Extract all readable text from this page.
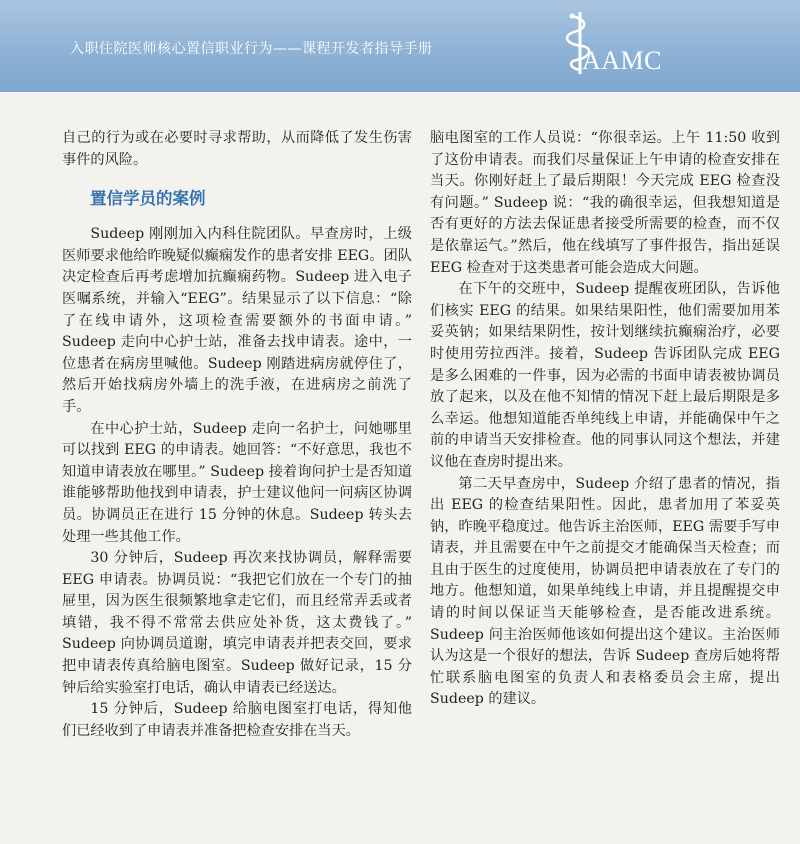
入职住院医师核心置信职业行为——课程开发者指导手册	AAMC

自己的行为或在必要时寻求帮助，从而降低了发生伤害事件的风险。

置信学员的案例

Sudeep 刚刚加入内科住院团队。早查房时，上级医师要求他给昨晚疑似癫痫发作的患者安排 EEG。团队决定检查后再考虑增加抗癫痫药物。Sudeep 进入电子医嘱系统，并输入“EEG”。结果显示了以下信息：“除了在线申请外，这项检查需要额外的书面申请。” Sudeep 走向中心护士站，准备去找申请表。途中，一位患者在病房里喊他。Sudeep 刚踏进病房就停住了，然后开始找病房外墙上的洗手液，在进病房之前洗了手。

在中心护士站，Sudeep 走向一名护士，问她哪里可以找到 EEG 的申请表。她回答：“不好意思，我也不知道申请表放在哪里。” Sudeep 接着询问护士是否知道谁能够帮助他找到申请表，护士建议他问一问病区协调员。协调员正在进行 15 分钟的休息。Sudeep 转头去处理一些其他工作。

30 分钟后，Sudeep 再次来找协调员，解释需要 EEG 申请表。协调员说：“我把它们放在一个专门的抽屉里，因为医生很频繁地拿走它们，而且经常弄丢或者填错，我不得不常常去供应处补货，这太费钱了。” Sudeep 向协调员道谢，填完申请表并把表交回，要求把申请表传真给脑电图室。Sudeep 做好记录，15 分钟后给实验室打电话，确认申请表已经送达。

15 分钟后，Sudeep 给脑电图室打电话，得知他们已经收到了申请表并准备把检查安排在当天。

脑电图室的工作人员说：“你很幸运。上午 11:50 收到了这份申请表。而我们尽量保证上午申请的检查安排在当天。你刚好赶上了最后期限！今天完成 EEG 检查没有问题。” Sudeep 说：“我的确很幸运，但我想知道是否有更好的方法去保证患者接受所需要的检查，而不仅是依靠运气。”然后，他在线填写了事件报告，指出延误 EEG 检查对于这类患者可能会造成大问题。

在下午的交班中，Sudeep 提醒夜班团队，告诉他们核实 EEG 的结果。如果结果阳性，他们需要加用苯妥英钠；如果结果阴性，按计划继续抗癫痫治疗，必要时使用劳拉西泮。接着，Sudeep 告诉团队完成 EEG 是多么困难的一件事，因为必需的书面申请表被协调员放了起来，以及在他不知情的情况下赶上最后期限是多么幸运。他想知道能否单纯线上申请，并能确保中午之前的申请当天安排检查。他的同事认同这个想法，并建议他在查房时提出来。

第二天早查房中，Sudeep 介绍了患者的情况，指出 EEG 的检查结果阳性。因此，患者加用了苯妥英钠，昨晚平稳度过。他告诉主治医师，EEG 需要手写申请表，并且需要在中午之前提交才能确保当天检查；而且由于医生的过度使用，协调员把申请表放在了专门的地方。他想知道，如果单纯线上申请，并且提醒提交申请的时间以保证当天能够检查，是否能改进系统。Sudeep 问主治医师他该如何提出这个建议。主治医师认为这是一个很好的想法，告诉 Sudeep 查房后她将帮忙联系脑电图室的负责人和表格委员会主席，提出 Sudeep 的建议。
